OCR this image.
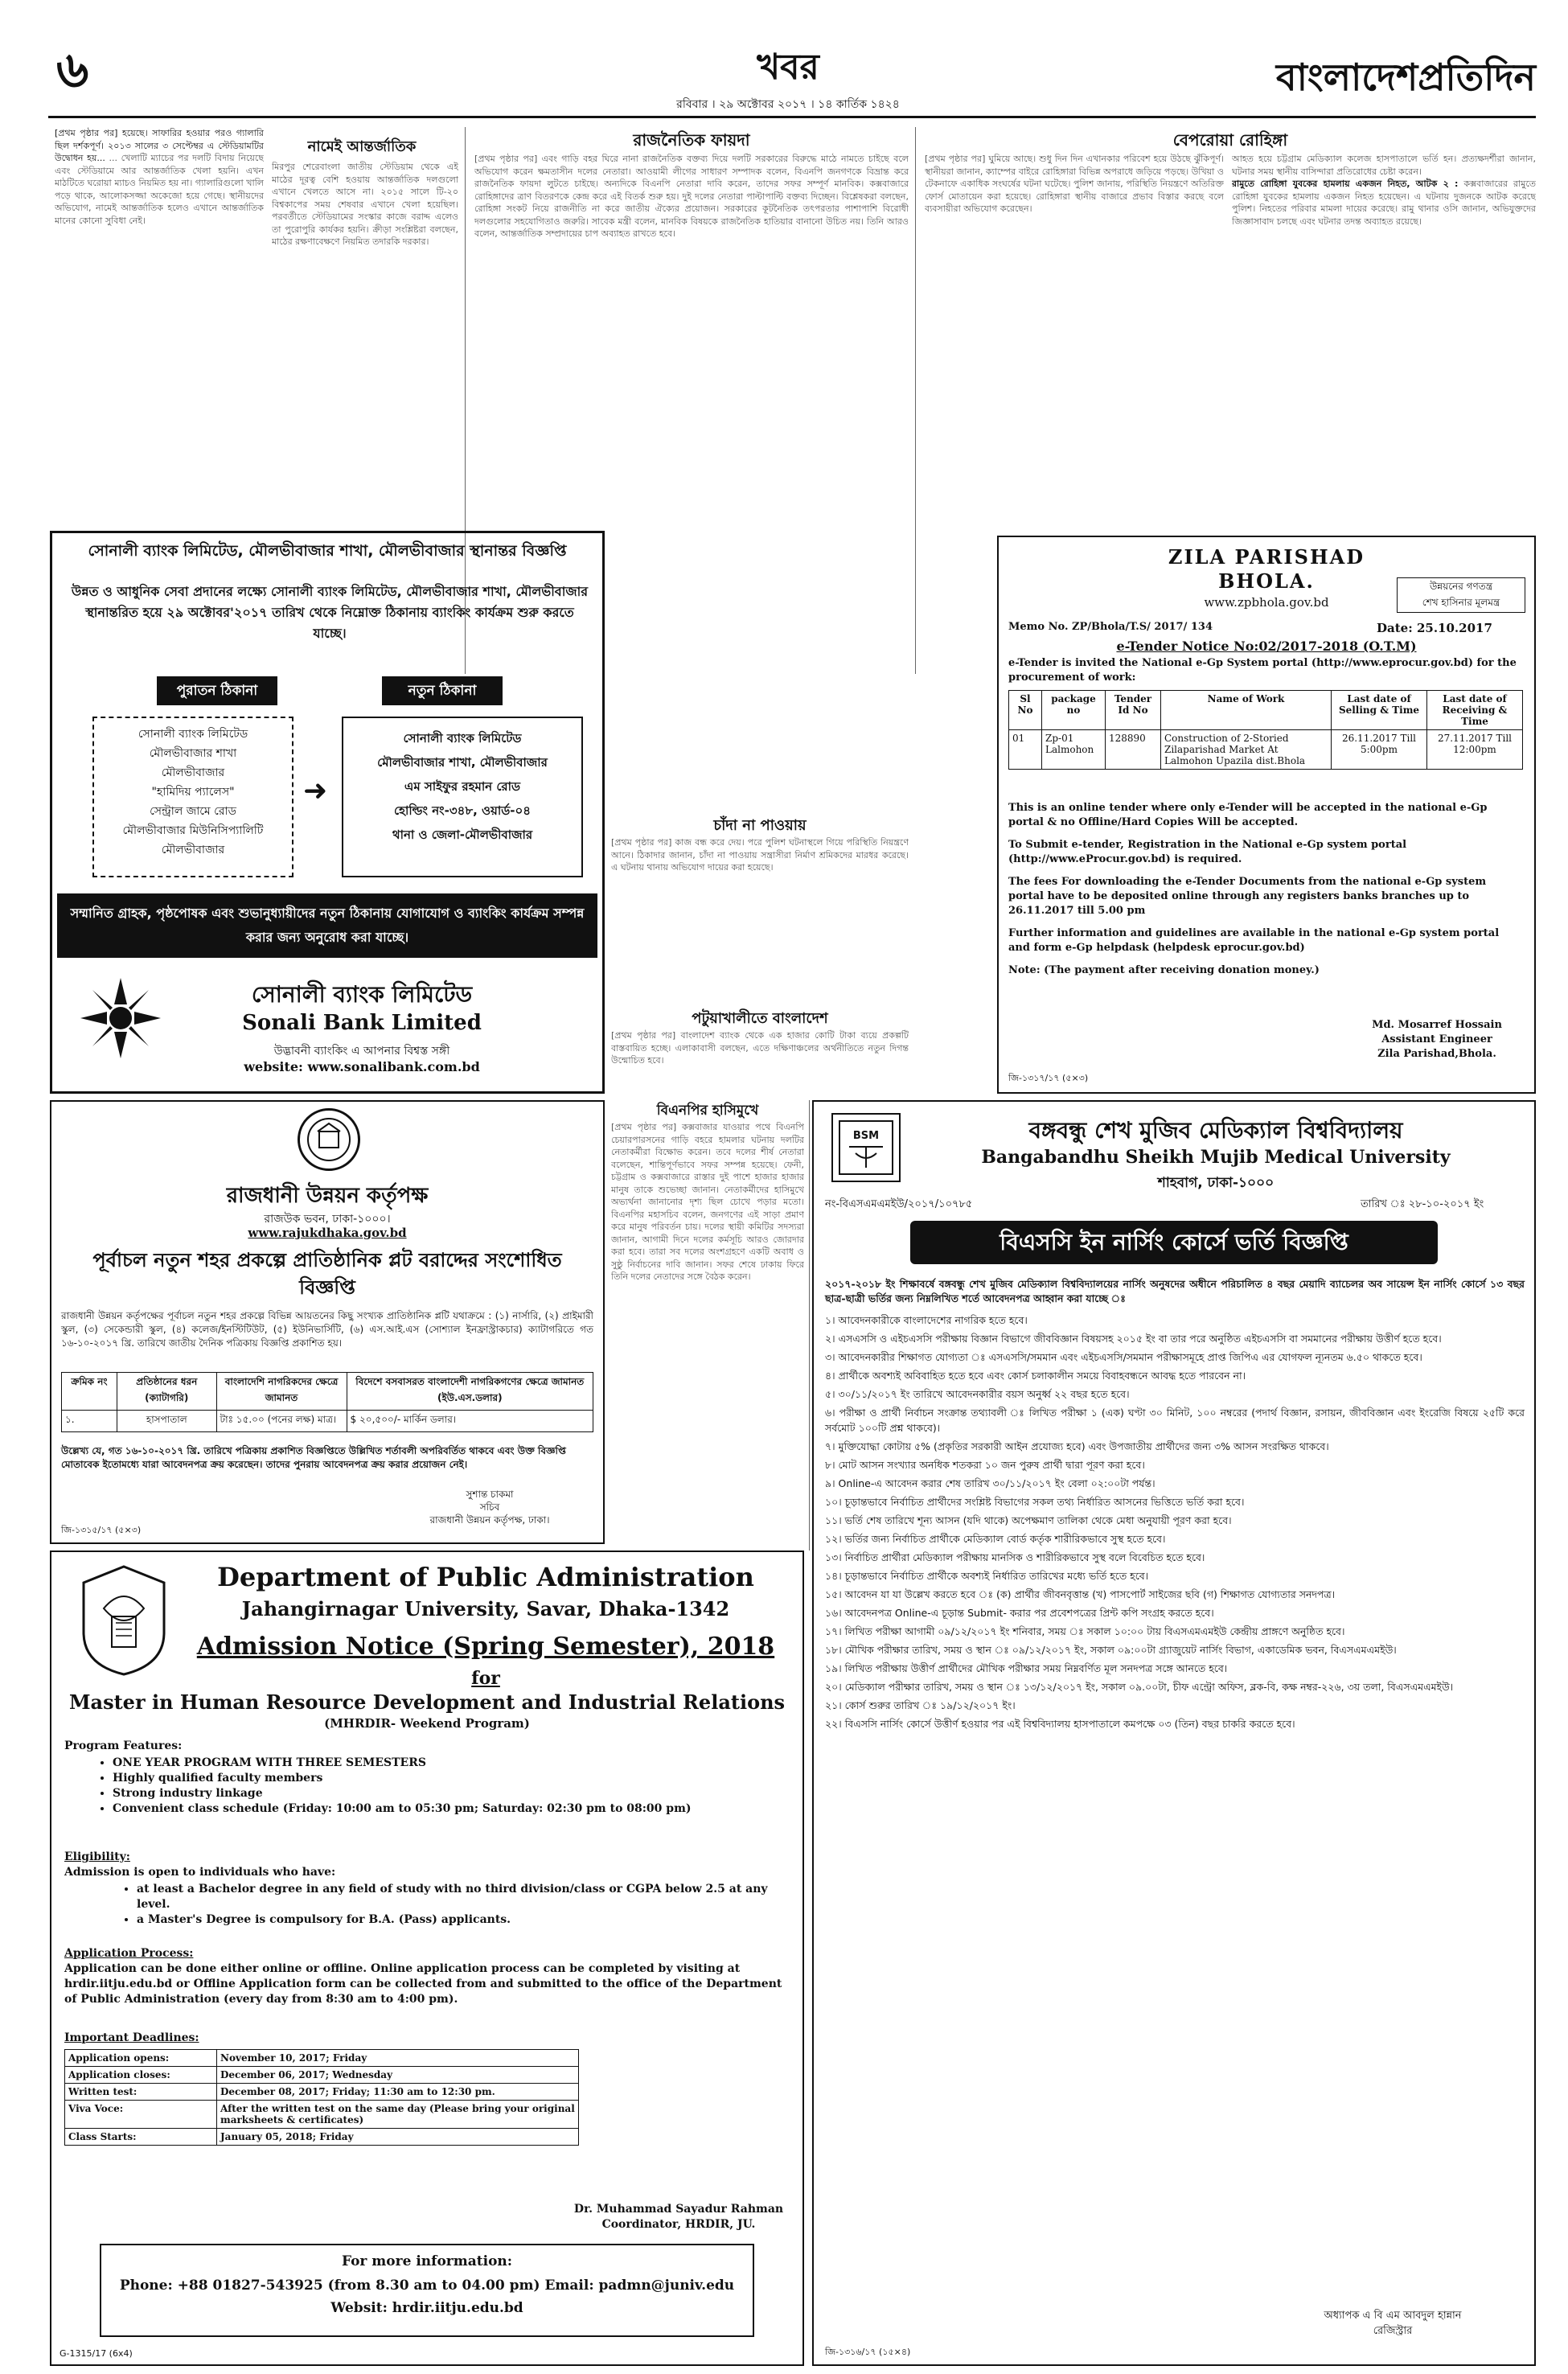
৬	খবর
রবিবার । ২৯ অক্টোবর ২০১৭ । ১৪ কার্তিক ১৪২৪
বাংলাদেশপ্রতিদিন
[প্রথম পৃষ্ঠার পর] হয়েছে। সাফারির হওয়ার পরও গ্যালারি ছিল দর্শকপূর্ণ। ২০১৩ সালের ৩ সেপ্টেম্বর এ স্টেডিয়ামটির উদ্বোধন হয়... ... খেলাটি ম্যাচের পর দলটি বিদায় নিয়েছে এবং স্টেডিয়ামে আর আন্তর্জাতিক খেলা হয়নি। এখন মাঠটিতে ঘরোয়া ম্যাচও নিয়মিত হয় না। গ্যালারিগুলো খালি পড়ে থাকে, আলোকসজ্জা অকেজো হয়ে গেছে। স্থানীয়দের অভিযোগ, নামেই আন্তর্জাতিক হলেও এখানে আন্তর্জাতিক মানের কোনো সুবিধা নেই।
নামেই আন্তর্জাতিক
মিরপুর শেরেবাংলা জাতীয় স্টেডিয়াম থেকে এই মাঠের দূরত্ব বেশি হওয়ায় আন্তর্জাতিক দলগুলো এখানে খেলতে আসে না। ২০১৫ সালে টি-২০ বিশ্বকাপের সময় শেষবার এখানে খেলা হয়েছিল। পরবর্তীতে স্টেডিয়ামের সংস্কার কাজে বরাদ্দ এলেও তা পুরোপুরি কার্যকর হয়নি। ক্রীড়া সংশ্লিষ্টরা বলছেন, মাঠের রক্ষণাবেক্ষণে নিয়মিত তদারকি দরকার।
রাজনৈতিক ফায়দা
[প্রথম পৃষ্ঠার পর] এবং গাড়ি বহর ঘিরে নানা রাজনৈতিক বক্তব্য দিয়ে দলটি সরকারের বিরুদ্ধে মাঠে নামতে চাইছে বলে অভিযোগ করেন ক্ষমতাসীন দলের নেতারা। আওয়ামী লীগের সাধারণ সম্পাদক বলেন, বিএনপি জনগণকে বিভ্রান্ত করে রাজনৈতিক ফায়দা লুটতে চাইছে। অন্যদিকে বিএনপি নেতারা দাবি করেন, তাদের সফর সম্পূর্ণ মানবিক। কক্সবাজারে রোহিঙ্গাদের ত্রাণ বিতরণকে কেন্দ্র করে এই বিতর্ক শুরু হয়। দুই দলের নেতারা পাল্টাপাল্টি বক্তব্য দিচ্ছেন। বিশ্লেষকরা বলছেন, রোহিঙ্গা সংকট নিয়ে রাজনীতি না করে জাতীয় ঐক্যের প্রয়োজন। সরকারের কূটনৈতিক তৎপরতার পাশাপাশি বিরোধী দলগুলোর সহযোগিতাও জরুরি। সাবেক মন্ত্রী বলেন, মানবিক বিষয়কে রাজনৈতিক হাতিয়ার বানানো উচিত নয়। তিনি আরও বলেন, আন্তর্জাতিক সম্প্রদায়ের চাপ অব্যাহত রাখতে হবে।
বেপরোয়া রোহিঙ্গা
[প্রথম পৃষ্ঠার পর] ঘুমিয়ে আছে। শুধু দিন দিন এখানকার পরিবেশ হয়ে উঠছে ঝুঁকিপূর্ণ। স্থানীয়রা জানান, ক্যাম্পের বাইরে রোহিঙ্গারা বিভিন্ন অপরাধে জড়িয়ে পড়ছে। উখিয়া ও টেকনাফে একাধিক সংঘর্ষের ঘটনা ঘটেছে। পুলিশ জানায়, পরিস্থিতি নিয়ন্ত্রণে অতিরিক্ত ফোর্স মোতায়েন করা হয়েছে। রোহিঙ্গারা স্থানীয় বাজারে প্রভাব বিস্তার করছে বলে ব্যবসায়ীরা অভিযোগ করেছেন।
আহত হয়ে চট্টগ্রাম মেডিক্যাল কলেজ হাসপাতালে ভর্তি হন। প্রত্যক্ষদর্শীরা জানান, ঘটনার সময় স্থানীয় বাসিন্দারা প্রতিরোধের চেষ্টা করেন।
রামুতে রোহিঙ্গা যুবকের হামলায় একজন নিহত, আটক ২ : কক্সবাজারের রামুতে রোহিঙ্গা যুবকের হামলায় একজন নিহত হয়েছেন। এ ঘটনায় দুজনকে আটক করেছে পুলিশ। নিহতের পরিবার মামলা দায়ের করেছে। রামু থানার ওসি জানান, অভিযুক্তদের জিজ্ঞাসাবাদ চলছে এবং ঘটনার তদন্ত অব্যাহত রয়েছে।
চাঁদা না পাওয়ায়
[প্রথম পৃষ্ঠার পর] কাজ বন্ধ করে দেয়। পরে পুলিশ ঘটনাস্থলে গিয়ে পরিস্থিতি নিয়ন্ত্রণে আনে। ঠিকাদার জানান, চাঁদা না পাওয়ায় সন্ত্রাসীরা নির্মাণ শ্রমিকদের মারধর করেছে। এ ঘটনায় থানায় অভিযোগ দায়ের করা হয়েছে।
পটুয়াখালীতে বাংলাদেশ
[প্রথম পৃষ্ঠার পর] বাংলাদেশ ব্যাংক থেকে এক হাজার কোটি টাকা ব্যয়ে প্রকল্পটি বাস্তবায়িত হচ্ছে। এলাকাবাসী বলছেন, এতে দক্ষিণাঞ্চলের অর্থনীতিতে নতুন দিগন্ত উন্মোচিত হবে।
সোনালী ব্যাংক লিমিটেড, মৌলভীবাজার শাখা, মৌলভীবাজার স্থানান্তর বিজ্ঞপ্তি
উন্নত ও আধুনিক সেবা প্রদানের লক্ষ্যে সোনালী ব্যাংক লিমিটেড, মৌলভীবাজার শাখা, মৌলভীবাজার স্থানান্তরিত হয়ে ২৯ অক্টোবর'২০১৭ তারিখ থেকে নিম্নোক্ত ঠিকানায় ব্যাংকিং কার্যক্রম শুরু করতে যাচ্ছে।
পুরাতন ঠিকানা	নতুন ঠিকানা
সোনালী ব্যাংক লিমিটেড
মৌলভীবাজার শাখা
মৌলভীবাজার
"হামিদিয় প্যালেস"
সেন্ট্রাল জামে রোড
মৌলভীবাজার মিউনিসিপ্যালিটি
মৌলভীবাজার
➜
সোনালী ব্যাংক লিমিটেড
মৌলভীবাজার শাখা, মৌলভীবাজার
এম সাইফুর রহমান রোড
হোল্ডিং নং-৩৪৮, ওয়ার্ড-০৪
থানা ও জেলা-মৌলভীবাজার
সম্মানিত গ্রাহক, পৃষ্ঠপোষক এবং শুভানুধ্যায়ীদের নতুন ঠিকানায় যোগাযোগ ও ব্যাংকিং কার্যক্রম সম্পন্ন করার জন্য অনুরোধ করা যাচ্ছে।
সোনালী ব্যাংক লিমিটেড
Sonali Bank Limited
উদ্ভাবনী ব্যাংকিং এ আপনার বিশ্বস্ত সঙ্গী
website: www.sonalibank.com.bd
ZILA PARISHAD
BHOLA.
www.zpbhola.gov.bd
উন্নয়নের গণতন্ত্র
শেখ হাসিনার মূলমন্ত্র
Memo No. ZP/Bhola/T.S/ 2017/ 134	Date: 25.10.2017
e-Tender Notice No:02/2017-2018 (O.T.M)
e-Tender is invited the National e-Gp System portal (http://www.eprocur.gov.bd) for the procurement of work:
Sl No	package no	Tender Id No	Name of Work	Last date of Selling & Time	Last date of Receiving & Time
01	Zp-01 Lalmohon	128890	Construction of 2-Storied Zilaparishad Market At Lalmohon Upazila dist.Bhola	26.11.2017 Till 5:00pm	27.11.2017 Till 12:00pm

This is an online tender where only e-Tender will be accepted in the national e-Gp portal & no Offline/Hard Copies Will be accepted.

To Submit e-tender, Registration in the National e-Gp system portal (http://www.eProcur.gov.bd) is required.

The fees For downloading the e-Tender Documents from the national e-Gp system portal have to be deposited online through any registers banks branches up to 26.11.2017 till 5.00 pm

Further information and guidelines are available in the national e-Gp system portal and form e-Gp helpdask (helpdesk eprocur.gov.bd)

Note: (The payment after receiving donation money.)

Md. Mosarref Hossain
Assistant Engineer
Zila Parishad,Bhola.
জি-১৩১৭/১৭ (৫×৩)
রাজধানী উন্নয়ন কর্তৃপক্ষ
রাজউক ভবন, ঢাকা-১০০০।
www.rajukdhaka.gov.bd
পূর্বাচল নতুন শহর প্রকল্পে প্রাতিষ্ঠানিক প্লট বরাদ্দের সংশোধিত বিজ্ঞপ্তি
রাজধানী উন্নয়ন কর্তৃপক্ষের পূর্বাচল নতুন শহর প্রকল্পে বিভিন্ন আয়তনের কিছু সংখ্যক প্রাতিষ্ঠানিক প্লটি যথাক্রমে : (১) নার্সারি, (২) প্রাইমারী স্কুল, (৩) সেকেন্ডারী স্কুল, (৪) কলেজ/ইনস্টিটিউট, (৫) ইউনিভার্সিটি, (৬) এস.আই.এস (সোশ্যাল ইনফ্রাস্ট্রাকচার) ক্যাটাগরিতে গত ১৬-১০-২০১৭ খ্রি. তারিখে জাতীয় দৈনিক পত্রিকায় বিজ্ঞপ্তি প্রকাশিত হয়।
ক্রমিক নং	প্রতিষ্ঠানের ধরন (ক্যাটাগরি)	বাংলাদেশি নাগরিকদের ক্ষেত্রে জামানত	বিদেশে বসবাসরত বাংলাদেশী নাগরিকগণের ক্ষেত্রে জামানত (ইউ.এস.ডলার)
১.	হাসপাতাল	টাঃ ১৫.০০ (পনের লক্ষ) মাত্র।	$ ২০,৫০০/- মার্কিন ডলার।
উল্লেখ্য যে, গত ১৬-১০-২০১৭ খ্রি. তারিখে পত্রিকায় প্রকাশিত বিজ্ঞপ্তিতে উল্লিখিত শর্তাবলী অপরিবর্তিত থাকবে এবং উক্ত বিজ্ঞপ্তি মোতাবেক ইতোমধ্যে যারা আবেদনপত্র ক্রয় করেছেন। তাদের পুনরায় আবেদনপত্র ক্রয় করার প্রয়োজন নেই।
সুশান্ত চাকমা
সচিব
রাজধানী উন্নয়ন কর্তৃপক্ষ, ঢাকা।
জি-১৩১৫/১৭ (৫×৩)
বিএনপির হাসিমুখে
[প্রথম পৃষ্ঠার পর] কক্সবাজার যাওয়ার পথে বিএনপি চেয়ারপারসনের গাড়ি বহরে হামলার ঘটনায় দলটির নেতাকর্মীরা বিক্ষোভ করেন। তবে দলের শীর্ষ নেতারা বলেছেন, শান্তিপূর্ণভাবে সফর সম্পন্ন হয়েছে। ফেনী, চট্টগ্রাম ও কক্সবাজারে রাস্তার দুই পাশে হাজার হাজার মানুষ তাকে শুভেচ্ছা জানান। নেতাকর্মীদের হাসিমুখে অভ্যর্থনা জানানোর দৃশ্য ছিল চোখে পড়ার মতো। বিএনপির মহাসচিব বলেন, জনগণের এই সাড়া প্রমাণ করে মানুষ পরিবর্তন চায়। দলের স্থায়ী কমিটির সদস্যরা জানান, আগামী দিনে দলের কর্মসূচি আরও জোরদার করা হবে। তারা সব দলের অংশগ্রহণে একটি অবাধ ও সুষ্ঠু নির্বাচনের দাবি জানান। সফর শেষে ঢাকায় ফিরে তিনি দলের নেতাদের সঙ্গে বৈঠক করেন।
Department of Public Administration
Jahangirnagar University, Savar, Dhaka-1342
Admission Notice (Spring Semester), 2018
for
Master in Human Resource Development and Industrial Relations
(MHRDIR- Weekend Program)
Program Features:
• ONE YEAR PROGRAM WITH THREE SEMESTERS
• Highly qualified faculty members
• Strong industry linkage
• Convenient class schedule (Friday: 10:00 am to 05:30 pm; Saturday: 02:30 pm to 08:00 pm)
Eligibility:
Admission is open to individuals who have:
• at least a Bachelor degree in any field of study with no third division/class or CGPA below 2.5 at any level.
• a Master's Degree is compulsory for B.A. (Pass) applicants.
Application Process:
Application can be done either online or offline. Online application process can be completed by visiting at hrdir.iitju.edu.bd or Offline Application form can be collected from and submitted to the office of the Department of Public Administration (every day from 8:30 am to 4:00 pm).
Important Deadlines:
Application opens:	November 10, 2017; Friday
Application closes:	December 06, 2017; Wednesday
Written test:	December 08, 2017; Friday; 11:30 am to 12:30 pm.
Viva Voce:	After the written test on the same day (Please bring your original marksheets & certificates)
Class Starts:	January 05, 2018; Friday
Dr. Muhammad Sayadur Rahman
Coordinator, HRDIR, JU.
For more information:
Phone: +88 01827-543925 (from 8.30 am to 04.00 pm) Email: padmn@juniv.edu
Websit: hrdir.iitju.edu.bd
G-1315/17 (6x4)
BSM	বঙ্গবন্ধু শেখ মুজিব মেডিক্যাল বিশ্ববিদ্যালয়
Bangabandhu Sheikh Mujib Medical University
শাহবাগ, ঢাকা-১০০০
নং-বিএসএমএমইউ/২০১৭/১০৭৮৫	তারিখ ঃ ২৮-১০-২০১৭ ইং
বিএসসি ইন নার্সিং কোর্সে ভর্তি বিজ্ঞপ্তি
২০১৭-২০১৮ ইং শিক্ষাবর্ষে বঙ্গবন্ধু শেখ মুজিব মেডিক্যাল বিশ্ববিদ্যালয়ের নার্সিং অনুষদের অধীনে পরিচালিত ৪ বছর মেয়াদি ব্যাচেলর অব সায়েন্স ইন নার্সিং কোর্সে ১৩ বছর ছাত্র-ছাত্রী ভর্তির জন্য নিম্নলিখিত শর্তে আবেদনপত্র আহ্বান করা যাচ্ছে ঃ
১। আবেদনকারীকে বাংলাদেশের নাগরিক হতে হবে।
২। এসএসসি ও এইচএসসি পরীক্ষায় বিজ্ঞান বিভাগে জীববিজ্ঞান বিষয়সহ ২০১৫ ইং বা তার পরে অনুষ্ঠিত এইচএসসি বা সমমানের পরীক্ষায় উত্তীর্ণ হতে হবে।
৩। আবেদনকারীর শিক্ষাগত যোগ্যতা ঃ এসএসসি/সমমান এবং এইচএসসি/সমমান পরীক্ষাসমূহে প্রাপ্ত জিপিএ এর যোগফল ন্যূনতম ৬.৫০ থাকতে হবে।
৪। প্রার্থীকে অবশ্যই অবিবাহিত হতে হবে এবং কোর্স চলাকালীন সময়ে বিবাহবন্ধনে আবদ্ধ হতে পারবেন না।
৫। ৩০/১১/২০১৭ ইং তারিখে আবেদনকারীর বয়স অনুর্ধ্ব ২২ বছর হতে হবে।
৬। পরীক্ষা ও প্রার্থী নির্বাচন সংক্রান্ত তথ্যাবলী ঃ লিখিত পরীক্ষা ১ (এক) ঘণ্টা ৩০ মিনিট, ১০০ নম্বরের (পদার্থ বিজ্ঞান, রসায়ন, জীববিজ্ঞান এবং ইংরেজি বিষয়ে ২৫টি করে সর্বমোট ১০০টি প্রশ্ন থাকবে)।
৭। মুক্তিযোদ্ধা কোটায় ৫% (প্রকৃতির সরকারী আইন প্রযোজ্য হবে) এবং উপজাতীয় প্রার্থীদের জন্য ৩% আসন সংরক্ষিত থাকবে।
৮। মোট আসন সংখ্যার অনধিক শতকরা ১০ জন পুরুষ প্রার্থী দ্বারা পূরণ করা হবে।
৯। Online-এ আবেদন করার শেষ তারিখ ৩০/১১/২০১৭ ইং বেলা ০২:০০টা পর্যন্ত।
১০। চূড়ান্তভাবে নির্বাচিত প্রার্থীদের সংশ্লিষ্ট বিভাগের সকল তথ্য নির্ধারিত আসনের ভিত্তিতে ভর্তি করা হবে।
১১। ভর্তি শেষ তারিখে শূন্য আসন (যদি থাকে) অপেক্ষমাণ তালিকা থেকে মেধা অনুযায়ী পূরণ করা হবে।
১২। ভর্তির জন্য নির্বাচিত প্রার্থীকে মেডিক্যাল বোর্ড কর্তৃক শারীরিকভাবে সুস্থ হতে হবে।
১৩। নির্বাচিত প্রার্থীরা মেডিক্যাল পরীক্ষায় মানসিক ও শারীরিকভাবে সুস্থ বলে বিবেচিত হতে হবে।
১৪। চূড়ান্তভাবে নির্বাচিত প্রার্থীকে অবশ্যই নির্ধারিত তারিখের মধ্যে ভর্তি হতে হবে।
১৫। আবেদন যা যা উল্লেখ করতে হবে ঃ (ক) প্রার্থীর জীবনবৃত্তান্ত (খ) পাসপোর্ট সাইজের ছবি (গ) শিক্ষাগত যোগ্যতার সনদপত্র।
১৬। আবেদনপত্র Online-এ চূড়ান্ত Submit- করার পর প্রবেশপত্রের প্রিন্ট কপি সংগ্রহ করতে হবে।
১৭। লিখিত পরীক্ষা আগামী ০৯/১২/২০১৭ ইং শনিবার, সময় ঃ সকাল ১০:০০ টায় বিএসএমএমইউ কেন্দ্রীয় প্রাঙ্গণে অনুষ্ঠিত হবে।
১৮। মৌখিক পরীক্ষার তারিখ, সময় ও স্থান ঃ ০৯/১২/২০১৭ ইং, সকাল ০৯:০০টা গ্র্যাজুয়েট নার্সিং বিভাগ, একাডেমিক ভবন, বিএসএমএমইউ।
১৯। লিখিত পরীক্ষায় উত্তীর্ণ প্রার্থীদের মৌখিক পরীক্ষার সময় নিম্নবর্ণিত মূল সনদপত্র সঙ্গে আনতে হবে।
২০। মেডিক্যাল পরীক্ষার তারিখ, সময় ও স্থান ঃ ১৩/১২/২০১৭ ইং, সকাল ০৯.০০টা, চীফ এন্ট্রো অফিস, ব্লক-বি, কক্ষ নম্বর-২২৬, ৩য় তলা, বিএসএমএমইউ।
২১। কোর্স শুরুর তারিখ ঃ ১৯/১২/২০১৭ ইং।
২২। বিএসসি নার্সিং কোর্সে উত্তীর্ণ হওয়ার পর এই বিশ্ববিদ্যালয় হাসপাতালে কমপক্ষে ০৩ (তিন) বছর চাকরি করতে হবে।
অধ্যাপক এ বি এম আবদুল হান্নান
রেজিস্ট্রার
জি-১৩১৬/১৭ (১৫×৪)
